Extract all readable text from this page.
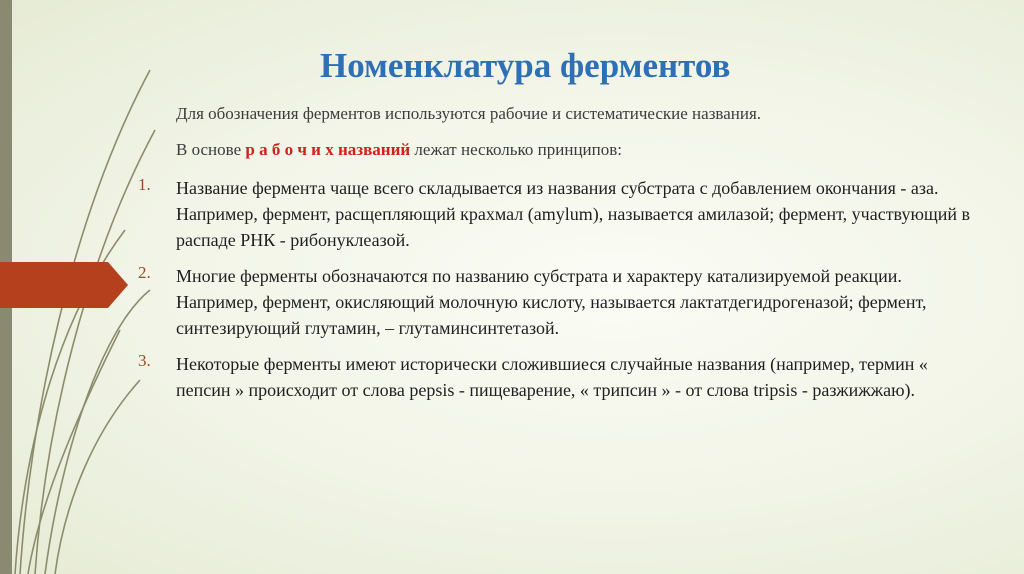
Номенклатура ферментов

Для обозначения ферментов используются рабочие и систематические названия.

В основе р а б о ч и х названий лежат несколько принципов:

1. Название фермента чаще всего складывается из названия субстрата с добавлением окончания - аза. Например, фермент, расщепляющий крахмал (amylum), называется амилазой; фермент, участвующий в распаде РНК - рибонуклеазой.

2. Многие ферменты обозначаются по названию субстрата и характеру катализируемой реакции. Например, фермент, окисляющий молочную кислоту, называется лактатдегидрогеназой; фермент, синтезирующий глутамин, – глутаминсинтетазой.

3. Некоторые ферменты имеют исторически сложившиеся случайные названия (например, термин « пепсин » происходит от слова pepsis - пищеварение, « трипсин » - от слова tripsis - разжижжаю).
